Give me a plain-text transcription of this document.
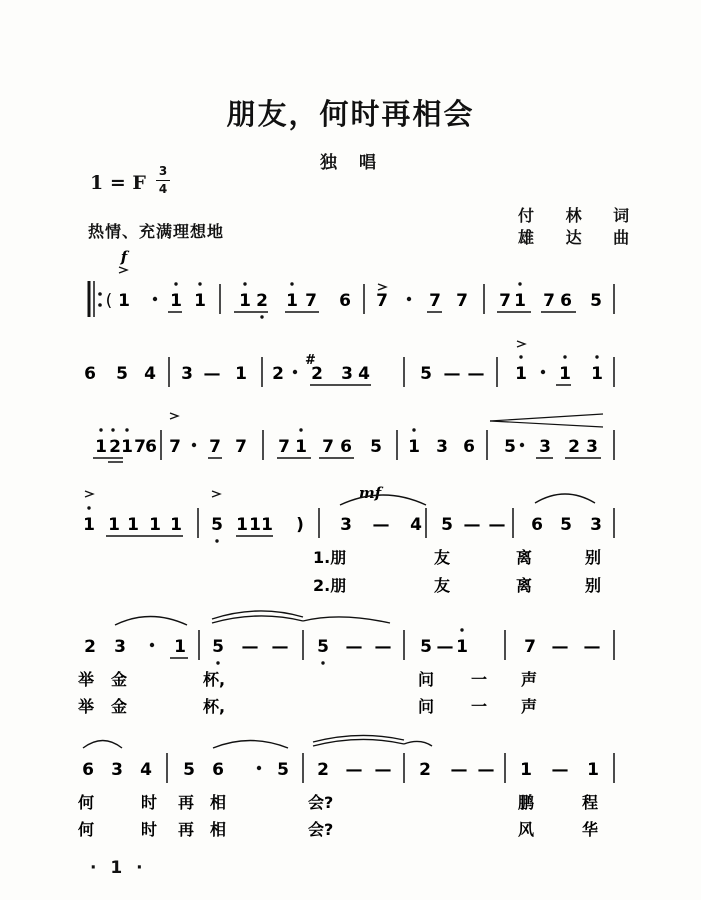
朋友，何时再相会
独唱
1 = F
3
4
付 林 词
雄 达 曲
热情、充满理想地
(
f
mf
#
1 1 1 1 2 1 7 6 7 7 7 7 1 7 6 5
6 5 4 3 — 1 2 2 3 4	5 — — 1 1 1
1 2 1 7 6 7 7 7 7 1 7 6 5 1 3 6 5 3 2 3
1 1 1 1 1 5 1 1 1 ) 3 — 4 5 — — 6 5 3
2 3	1 5 — — 5 — — 5 — 1	7 — —
6 3 4 5 6	5 2 — — 2 — — 1 — 1
1.朋	友	离	别
2.朋	友	离	别
举 金	杯,	问 一 声
举 金	杯,	问 一 声
何	时 再 相	会?	鹏	程
何	时 再 相	会?	风	华
· 1 ·
